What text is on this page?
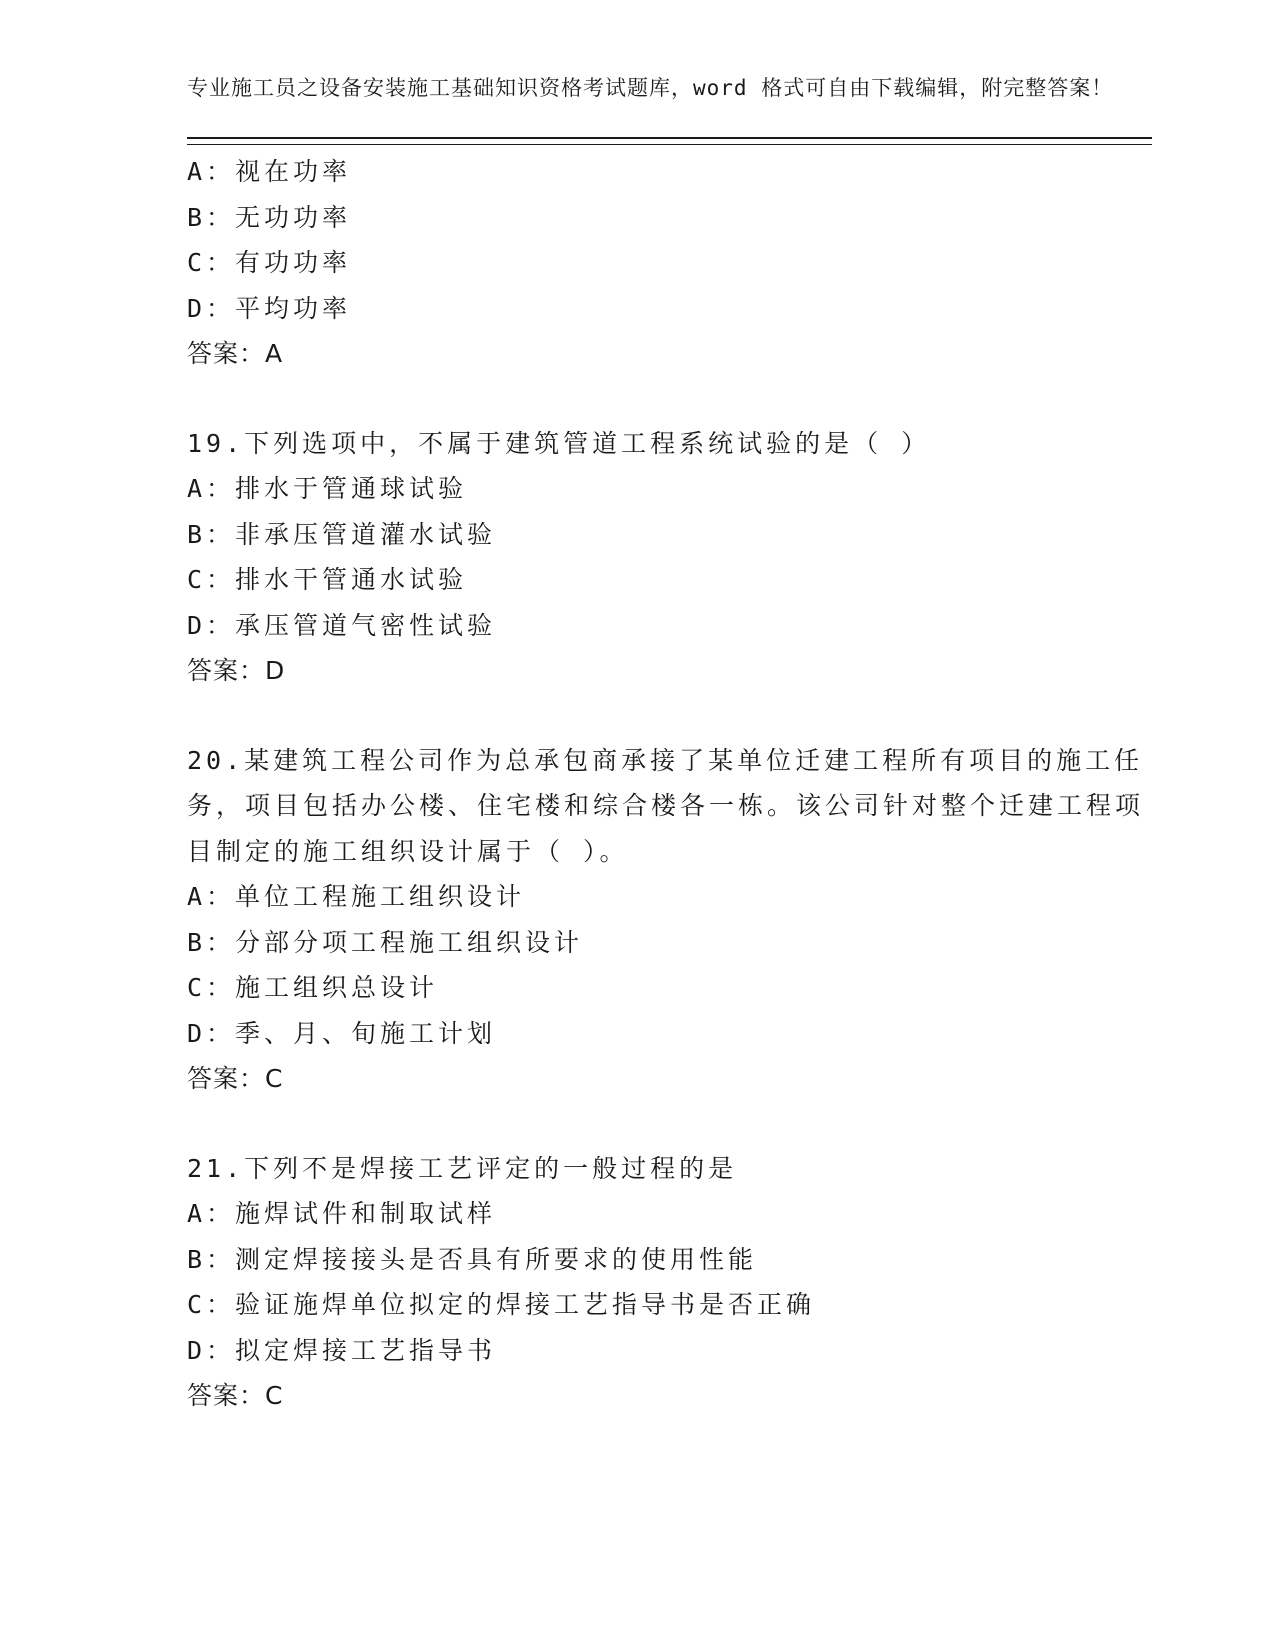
专业施工员之设备安装施工基础知识资格考试题库，word 格式可自由下载编辑，附完整答案！

A：视在功率
B：无功功率
C：有功功率
D：平均功率
答案：A
19.下列选项中，不属于建筑管道工程系统试验的是（ ）
A：排水于管通球试验
B：非承压管道灌水试验
C：排水干管通水试验
D：承压管道气密性试验
答案：D
20.某建筑工程公司作为总承包商承接了某单位迁建工程所有项目的施工任务，项目包括办公楼、住宅楼和综合楼各一栋。该公司针对整个迁建工程项目制定的施工组织设计属于（ ）。
A：单位工程施工组织设计
B：分部分项工程施工组织设计
C：施工组织总设计
D：季、月、旬施工计划
答案：C
21.下列不是焊接工艺评定的一般过程的是
A：施焊试件和制取试样
B：测定焊接接头是否具有所要求的使用性能
C：验证施焊单位拟定的焊接工艺指导书是否正确
D：拟定焊接工艺指导书
答案：C
